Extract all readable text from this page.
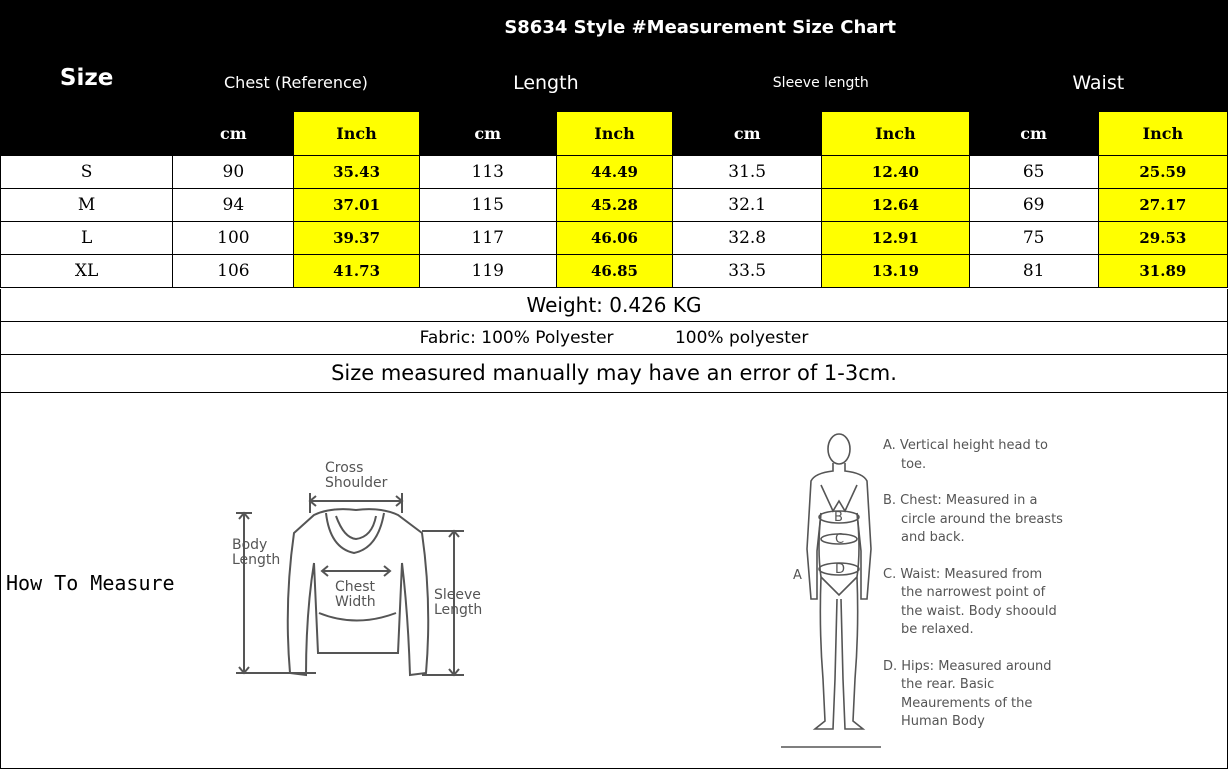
Size	S8634 Style #Measurement Size Chart							
	Chest (Reference)		Length		Sleeve length		Waist	
	cm	Inch	cm	Inch	cm	Inch	cm	Inch
S	90	35.43	113	44.49	31.5	12.40	65	25.59
M	94	37.01	115	45.28	32.1	12.64	69	27.17
L	100	39.37	117	46.06	32.8	12.91	75	29.53
XL	106	41.73	119	46.85	33.5	13.19	81	31.89
Weight: 0.426 KG
Fabric: 100% Polyester	100% polyester
Size measured manually may have an error of 1-3cm.
How To Measure
Cross
Shoulder
Body
Length
Chest
Width	Sleeve
Length
B
C
D
A

A. Vertical height head to toe.

B. Chest: Measured in a circle around the breasts and back.

C. Waist: Measured from the narrowest point of the waist. Body shoould be relaxed.

D. Hips: Measured around the rear. Basic Meaurements of the Human Body
